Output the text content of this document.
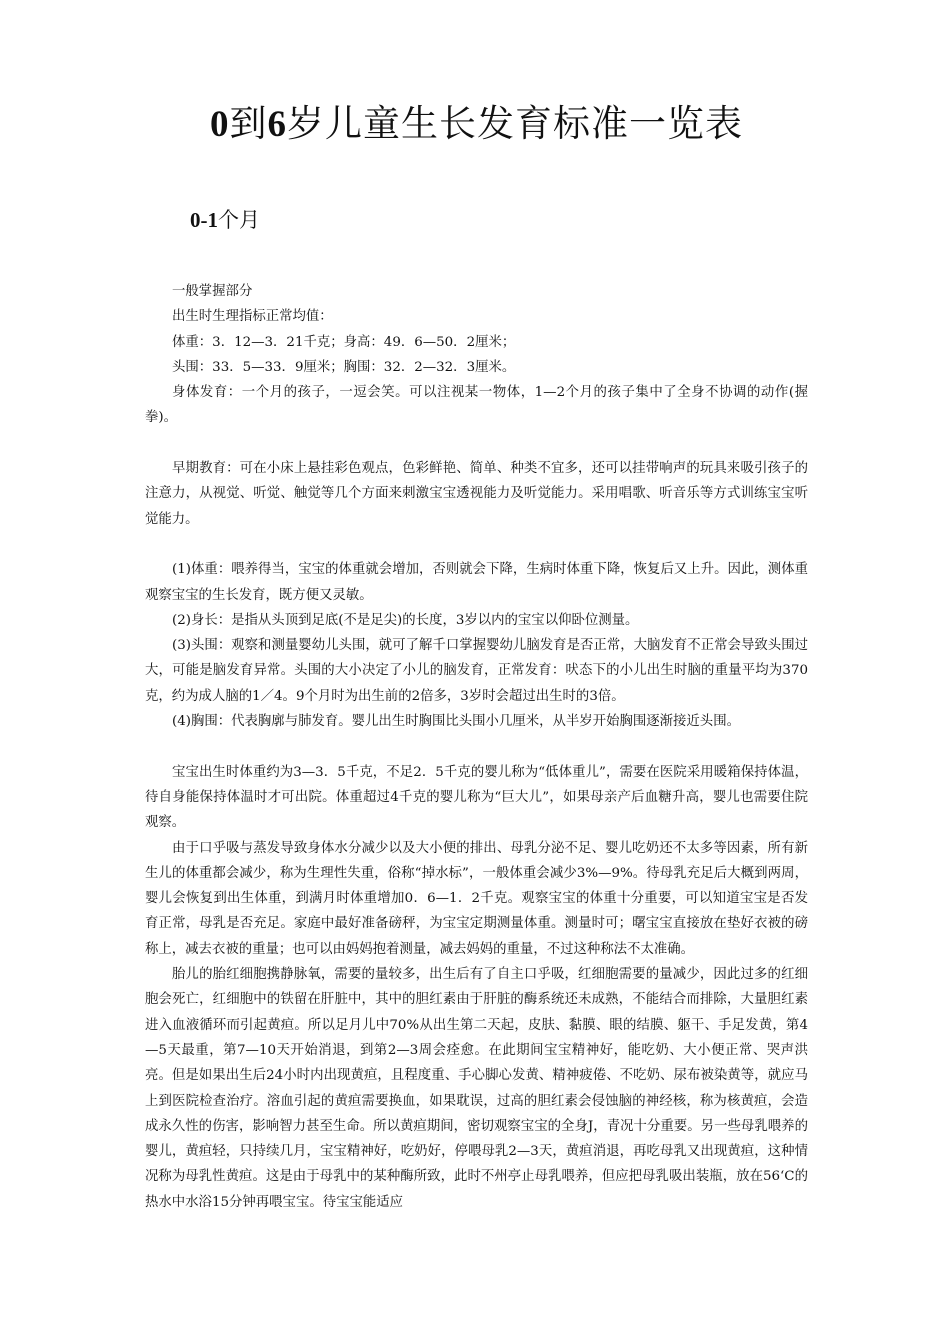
0到6岁儿童生长发育标准一览表
0-1个月

一般掌握部分

出生时生理指标正常均值：

体重：3．12—3．21千克；身高：49．6—50．2厘米；

头围：33．5—33．9厘米；胸围：32．2—32．3厘米。

身体发育：一个月的孩子，一逗会笑。可以注视某一物体，1—2个月的孩子集中了全身不协调的动作(握拳)。

早期教育：可在小床上悬挂彩色观点，色彩鲜艳、简单、种类不宜多，还可以挂带响声的玩具来吸引孩子的注意力，从视觉、听觉、触觉等几个方面来刺激宝宝透视能力及听觉能力。采用唱歌、听音乐等方式训练宝宝听觉能力。

(1)体重：喂养得当，宝宝的体重就会增加，否则就会下降，生病时体重下降，恢复后又上升。因此，测体重观察宝宝的生长发育，既方便又灵敏。

(2)身长：是指从头顶到足底(不是足尖)的长度，3岁以内的宝宝以仰卧位测量。

(3)头围：观察和测量婴幼儿头围，就可了解千口掌握婴幼儿脑发育是否正常，大脑发育不正常会导致头围过大，可能是脑发育异常。头围的大小决定了小儿的脑发育，正常发育：吠态下的小儿出生时脑的重量平均为370克，约为成人脑的1／4。9个月时为出生前的2倍多，3岁时会超过出生时的3倍。

(4)胸围：代表胸廓与肺发育。婴儿出生时胸围比头围小几厘米，从半岁开始胸围逐渐接近头围。

宝宝出生时体重约为3—3．5千克，不足2．5千克的婴儿称为“低体重儿”，需要在医院采用暖箱保持体温，待自身能保持体温时才可出院。体重超过4千克的婴儿称为“巨大儿”，如果母亲产后血糖升高，婴儿也需要住院观察。

由于口乎吸与蒸发导致身体水分减少以及大小便的排出、母乳分泌不足、婴儿吃奶还不太多等因素，所有新生儿的体重都会减少，称为生理性失重，俗称“掉水标”，一般体重会减少3%—9%。待母乳充足后大概到两周，婴儿会恢复到出生体重，到满月时体重增加0．6—1．2千克。观察宝宝的体重十分重要，可以知道宝宝是否发育正常，母乳是否充足。家庭中最好准备磅秤，为宝宝定期测量体重。测量时可；曙宝宝直接放在垫好衣被的磅称上，减去衣被的重量；也可以由妈妈抱着测量，减去妈妈的重量，不过这种称法不太准确。

胎儿的胎红细胞携静脉氧，需要的量较多，出生后有了自主口乎吸，红细胞需要的量减少，因此过多的红细胞会死亡，红细胞中的铁留在肝脏中，其中的胆红素由于肝脏的酶系统还未成熟，不能结合而排除，大量胆红素进入血液循环而引起黄疸。所以足月儿中70%从出生第二天起，皮肤、黏膜、眼的结膜、躯干、手足发黄，第4—5天最重，第7—10天开始消退，到第2—3周会痊愈。在此期间宝宝精神好，能吃奶、大小便正常、哭声洪亮。但是如果出生后24小时内出现黄疸，且程度重、手心脚心发黄、精神疲倦、不吃奶、尿布被染黄等，就应马上到医院检查治疗。溶血引起的黄疸需要换血，如果耽误，过高的胆红素会侵蚀脑的神经核，称为核黄疸，会造成永久性的伤害，影响智力甚至生命。所以黄疸期间，密切观察宝宝的全身J，青况十分重要。另一些母乳喂养的婴儿，黄疸轻，只持续几月，宝宝精神好，吃奶好，停喂母乳2—3天，黄疸消退，再吃母乳又出现黄疸，这种情况称为母乳性黄疸。这是由于母乳中的某种酶所致，此时不州亭止母乳喂养，但应把母乳吸出装瓶，放在56‘C的热水中水浴15分钟再喂宝宝。待宝宝能适应
